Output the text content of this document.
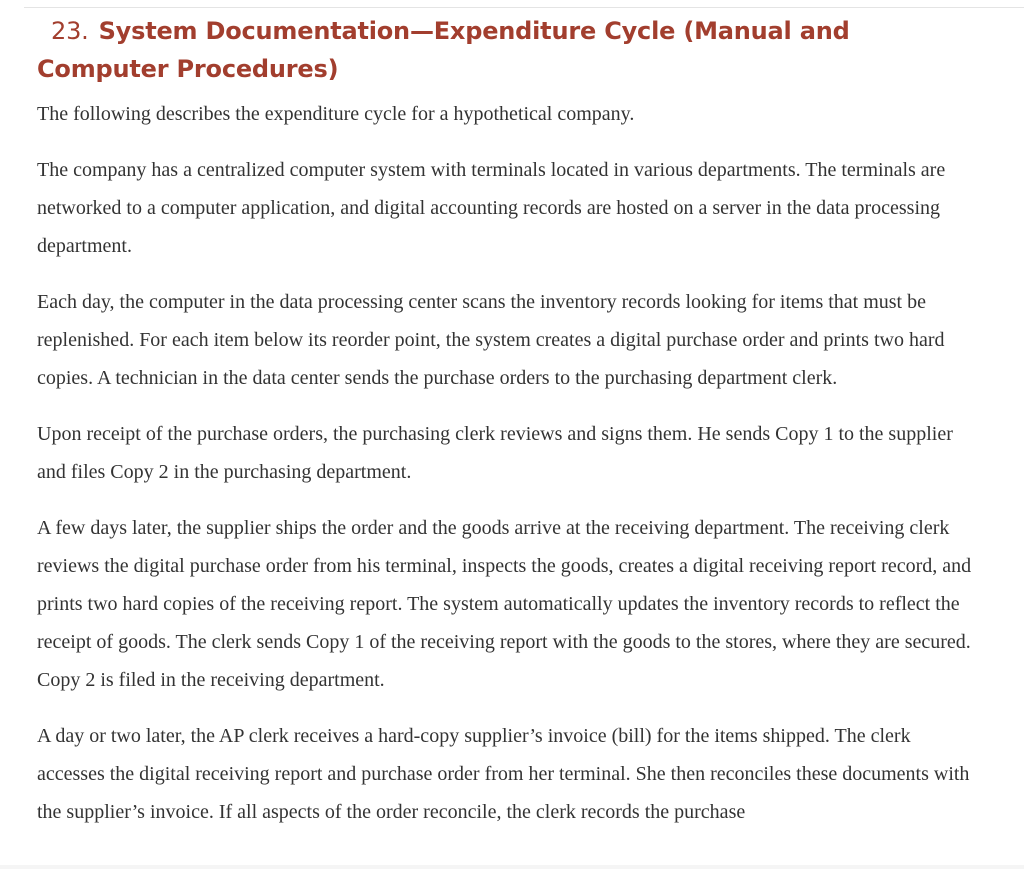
23. System Documentation—Expenditure Cycle (Manual and Computer Procedures)

The following describes the expenditure cycle for a hypothetical company.

The company has a centralized computer system with terminals located in various departments. The terminals are networked to a computer application, and digital accounting records are hosted on a server in the data processing department.

Each day, the computer in the data processing center scans the inventory records looking for items that must be replenished. For each item below its reorder point, the system creates a digital purchase order and prints two hard copies. A technician in the data center sends the purchase orders to the purchasing department clerk.

Upon receipt of the purchase orders, the purchasing clerk reviews and signs them. He sends Copy 1 to the supplier and files Copy 2 in the purchasing department.

A few days later, the supplier ships the order and the goods arrive at the receiving department. The receiving clerk reviews the digital purchase order from his terminal, inspects the goods, creates a digital receiving report record, and prints two hard copies of the receiving report. The system automatically updates the inventory records to reflect the receipt of goods. The clerk sends Copy 1 of the receiving report with the goods to the stores, where they are secured. Copy 2 is filed in the receiving department.

A day or two later, the AP clerk receives a hard-copy supplier’s invoice (bill) for the items shipped. The clerk accesses the digital receiving report and purchase order from her terminal. She then reconciles these documents with the supplier’s invoice. If all aspects of the order reconcile, the clerk records the purchase
